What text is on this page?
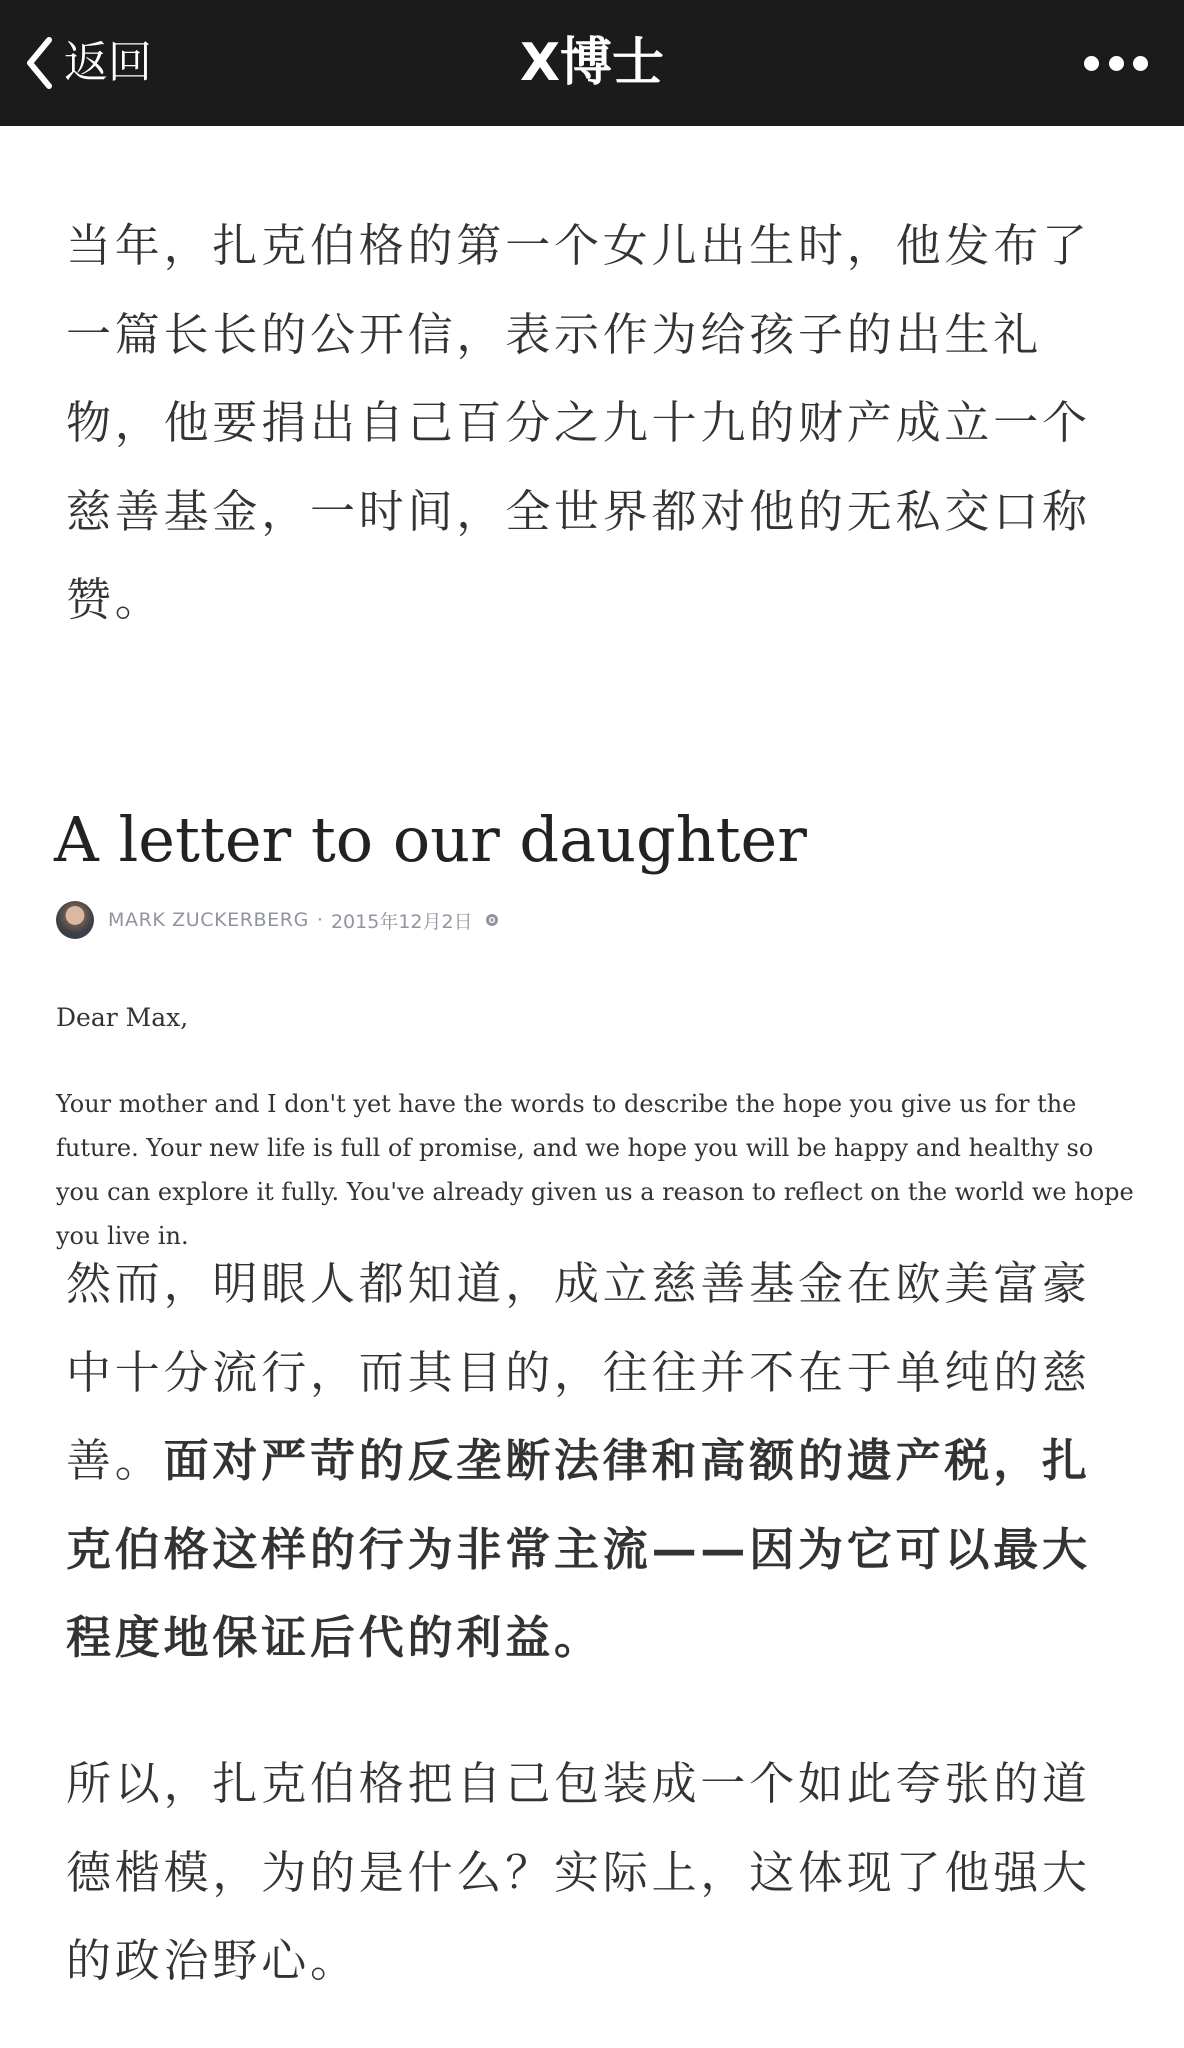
返回	X博士

当年，扎克伯格的第一个女儿出生时，他发布了一篇长长的公开信，表示作为给孩子的出生礼物，他要捐出自己百分之九十九的财产成立一个慈善基金，一时间，全世界都对他的无私交口称赞。

A letter to our daughter
MARK ZUCKERBERG · 2015年12月2日

Dear Max,

Your mother and I don't yet have the words to describe the hope you give us for the future. Your new life is full of promise, and we hope you will be happy and healthy so you can explore it fully. You've already given us a reason to reflect on the world we hope you live in.

然而，明眼人都知道，成立慈善基金在欧美富豪中十分流行，而其目的，往往并不在于单纯的慈善。面对严苛的反垄断法律和高额的遗产税，扎克伯格这样的行为非常主流——因为它可以最大程度地保证后代的利益。

所以，扎克伯格把自己包装成一个如此夸张的道德楷模，为的是什么？实际上，这体现了他强大的政治野心。
